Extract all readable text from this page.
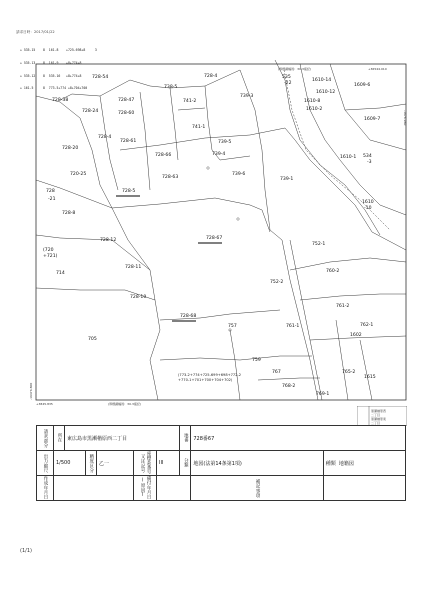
請求日時：2017/01/22

+ 535-15    8  161-8    +725-698+8     3

+ 535-13    8  161-9    +8+774+8

+ 535-12    8  535-16   +8+774+8

+ 161-5     8  773-5+774 +8+704+700

(界標識幅員：30.3後記)	+36544.010
-1676.960
-16476.800
+3845.835	(界標識幅員：30.3後記)
(773-2+774+725-699+698+772-2 +770-1+701+700+704+702)
728-54	728-4
738-5
728-38	728-47	741-2
739-3
728-24	728-60
741-1
728-4
728-61	739-5
728-20
728-66	739-4
739-6
720-25
728-63	739-1
728
-21
728-5
728-8
728-67
728-12
752-1
(720
+721)
728-11
714	760-2
752-2
728-10
761-2
728-68
757	761-1	762-1
705
759
767	765-2
768-2
1615
769-1
1610-14
1610-12
1610-8
1610-2
1609-6
1609-7
1610-1 534
-3
1610
-10
535
-22
1602
黒瀬楢原西
二丁目
黒瀬楢原東
二丁目
請求部分	所在	東広島市黒瀬楢原西二丁目					地番	728番67	
出力縮尺	1/500		精度区分	乙一	座標系番号又は記号	III	分類	地図(法第14条第1項)	種類 地籍図
作成年月日					備付年月日(原因)			補記事項	
(1/1)
